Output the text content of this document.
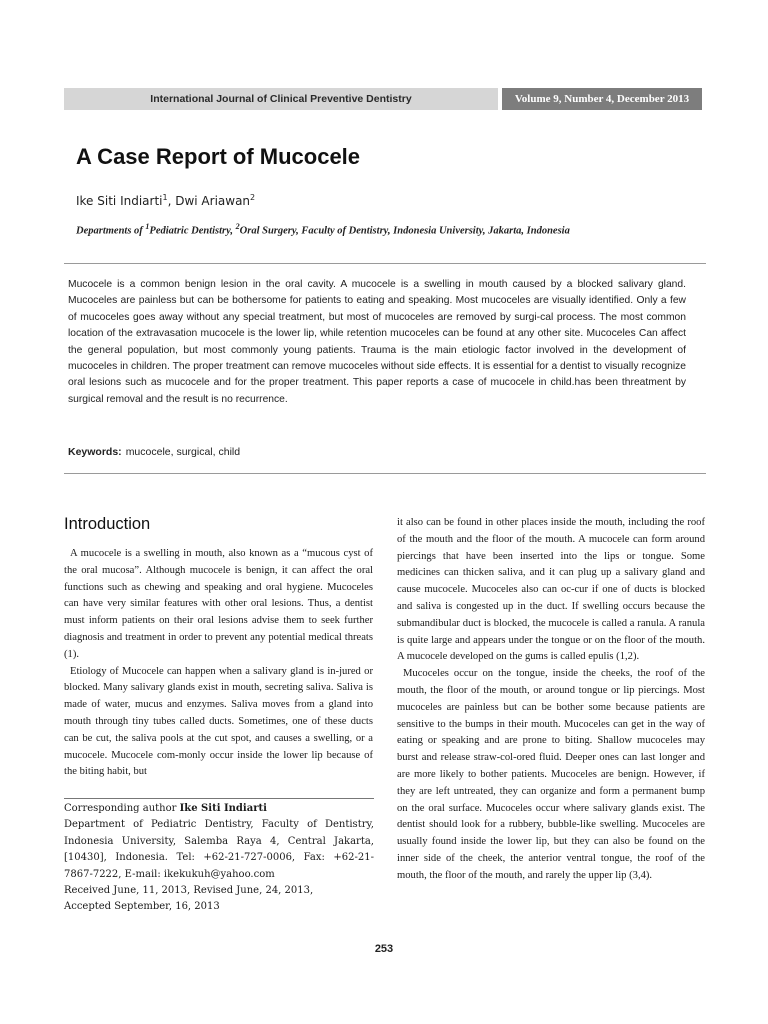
International Journal of Clinical Preventive Dentistry	Volume 9, Number 4, December 2013
A Case Report of Mucocele
Ike Siti Indiarti$^1$, Dwi Ariawan$^2$
Departments of $^1$Pediatric Dentistry, $^2$Oral Surgery, Faculty of Dentistry, Indonesia University, Jakarta, Indonesia

Mucocele is a common benign lesion in the oral cavity. A mucocele is a swelling in mouth caused by a blocked salivary gland. Mucoceles are painless but can be bothersome for patients to eating and speaking. Most mucoceles are visually identified. Only a few of mucoceles goes away without any special treatment, but most of mucoceles are removed by surgi-cal process. The most common location of the extravasation mucocele is the lower lip, while retention mucoceles can be found at any other site. Mucoceles Can affect the general population, but most commonly young patients. Trauma is the main etiologic factor involved in the development of mucoceles in children. The proper treatment can remove mucoceles without side effects. It is essential for a dentist to visually recognize oral lesions such as mucocele and for the proper treatment. This paper reports a case of mucocele in child.has been threatment by surgical removal and the result is no recurrence.

Keywords: mucocele, surgical, child
Introduction

A mucocele is a swelling in mouth, also known as a “mucous cyst of the oral mucosa”. Although mucocele is benign, it can affect the oral functions such as chewing and speaking and oral hygiene. Mucoceles can have very similar features with other oral lesions. Thus, a dentist must inform patients on their oral lesions advise them to seek further diagnosis and treatment in order to prevent any potential medical threats (1).

Etiology of Mucocele can happen when a salivary gland is in-jured or blocked. Many salivary glands exist in mouth, secreting saliva. Saliva is made of water, mucus and enzymes. Saliva moves from a gland into mouth through tiny tubes called ducts. Sometimes, one of these ducts can be cut, the saliva pools at the cut spot, and causes a swelling, or a mucocele. Mucocele com-monly occur inside the lower lip because of the biting habit, but

it also can be found in other places inside the mouth, including the roof of the mouth and the floor of the mouth. A mucocele can form around piercings that have been inserted into the lips or tongue. Some medicines can thicken saliva, and it can plug up a salivary gland and cause mucocele. Mucoceles also can oc-cur if one of ducts is blocked and saliva is congested up in the duct. If swelling occurs because the submandibular duct is blocked, the mucocele is called a ranula. A ranula is quite large and appears under the tongue or on the floor of the mouth. A mucocele developed on the gums is called epulis (1,2).

Mucoceles occur on the tongue, inside the cheeks, the roof of the mouth, the floor of the mouth, or around tongue or lip piercings. Most mucoceles are painless but can be bother some because patients are sensitive to the bumps in their mouth. Mucoceles can get in the way of eating or speaking and are prone to biting. Shallow mucoceles may burst and release straw-col-ored fluid. Deeper ones can last longer and are more likely to bother patients. Mucoceles are benign. However, if they are left untreated, they can organize and form a permanent bump on the oral surface. Mucoceles occur where salivary glands exist. The dentist should look for a rubbery, bubble-like swelling. Mucoceles are usually found inside the lower lip, but they can also be found on the inner side of the cheek, the anterior ventral tongue, the roof of the mouth, the floor of the mouth, and rarely the upper lip (3,4).

Corresponding author Ike Siti Indiarti

Department of Pediatric Dentistry, Faculty of Dentistry, Indonesia University, Salemba Raya 4, Central Jakarta, [10430], Indonesia. Tel: +62-21-727-0006, Fax: +62-21-7867-7222, E-mail: ikekukuh@yahoo.com

Received June, 11, 2013, Revised June, 24, 2013,

Accepted September, 16, 2013

253
